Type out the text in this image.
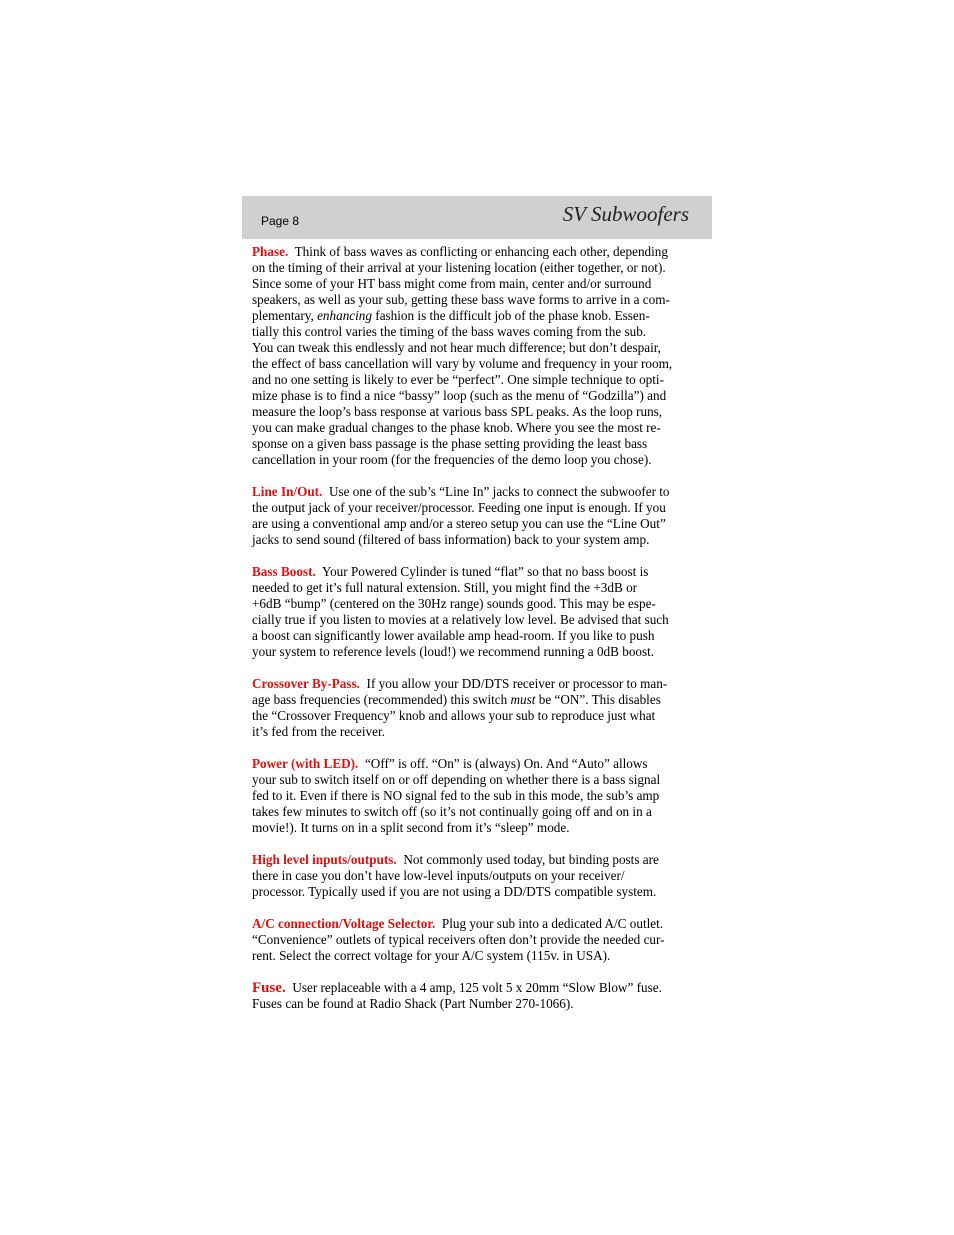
Page 8	SV Subwoofers
Phase. Think of bass waves as conflicting or enhancing each other, depending
on the timing of their arrival at your listening location (either together, or not).
Since some of your HT bass might come from main, center and/or surround
speakers, as well as your sub, getting these bass wave forms to arrive in a com-
plementary, enhancing fashion is the difficult job of the phase knob. Essen-
tially this control varies the timing of the bass waves coming from the sub.
You can tweak this endlessly and not hear much difference; but don’t despair,
the effect of bass cancellation will vary by volume and frequency in your room,
and no one setting is likely to ever be “perfect”. One simple technique to opti-
mize phase is to find a nice “bassy” loop (such as the menu of “Godzilla”) and
measure the loop’s bass response at various bass SPL peaks. As the loop runs,
you can make gradual changes to the phase knob. Where you see the most re-
sponse on a given bass passage is the phase setting providing the least bass
cancellation in your room (for the frequencies of the demo loop you chose).
Line In/Out. Use one of the sub’s “Line In” jacks to connect the subwoofer to
the output jack of your receiver/processor. Feeding one input is enough. If you
are using a conventional amp and/or a stereo setup you can use the “Line Out”
jacks to send sound (filtered of bass information) back to your system amp.
Bass Boost. Your Powered Cylinder is tuned “flat” so that no bass boost is
needed to get it’s full natural extension. Still, you might find the +3dB or
+6dB “bump” (centered on the 30Hz range) sounds good. This may be espe-
cially true if you listen to movies at a relatively low level. Be advised that such
a boost can significantly lower available amp head-room. If you like to push
your system to reference levels (loud!) we recommend running a 0dB boost.
Crossover By-Pass. If you allow your DD/DTS receiver or processor to man-
age bass frequencies (recommended) this switch must be “ON”. This disables
the “Crossover Frequency” knob and allows your sub to reproduce just what
it’s fed from the receiver.
Power (with LED). “Off” is off. “On” is (always) On. And “Auto” allows
your sub to switch itself on or off depending on whether there is a bass signal
fed to it. Even if there is NO signal fed to the sub in this mode, the sub’s amp
takes few minutes to switch off (so it’s not continually going off and on in a
movie!). It turns on in a split second from it’s “sleep” mode.
High level inputs/outputs. Not commonly used today, but binding posts are
there in case you don’t have low-level inputs/outputs on your receiver/
processor. Typically used if you are not using a DD/DTS compatible system.
A/C connection/Voltage Selector. Plug your sub into a dedicated A/C outlet.
“Convenience” outlets of typical receivers often don’t provide the needed cur-
rent. Select the correct voltage for your A/C system (115v. in USA).
Fuse. User replaceable with a 4 amp, 125 volt 5 x 20mm “Slow Blow” fuse.
Fuses can be found at Radio Shack (Part Number 270-1066).
